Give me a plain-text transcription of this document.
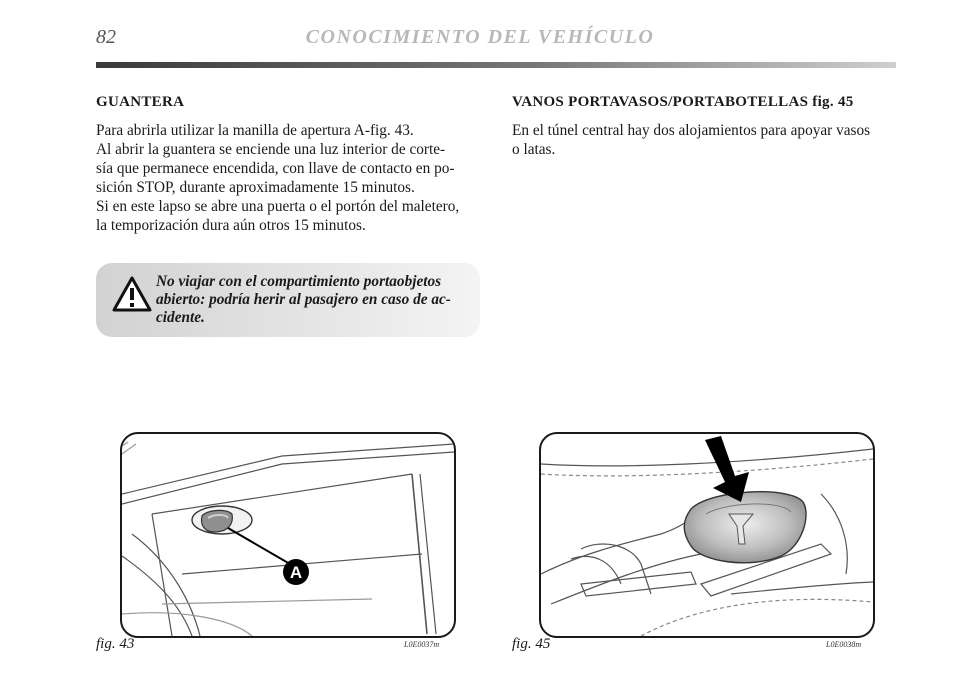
82	CONOCIMIENTO DEL VEHÍCULO
GUANTERA

Para abrirla utilizar la manilla de apertura A-fig. 43.

Al abrir la guantera se enciende una luz interior de corte-

sía que permanece encendida, con llave de contacto en po-

sición STOP, durante aproximadamente 15 minutos.

Si en este lapso se abre una puerta o el portón del maletero,

la temporización dura aún otros 15 minutos.

No viajar con el compartimiento portaobjetos

abierto: podría herir al pasajero en caso de ac-

cidente.

VANOS PORTAVASOS/PORTABOTELLAS fig. 45

En el túnel central hay dos alojamientos para apoyar vasos

o latas.

A
fig. 43	L0E0037m	fig. 45	L0E0038m
